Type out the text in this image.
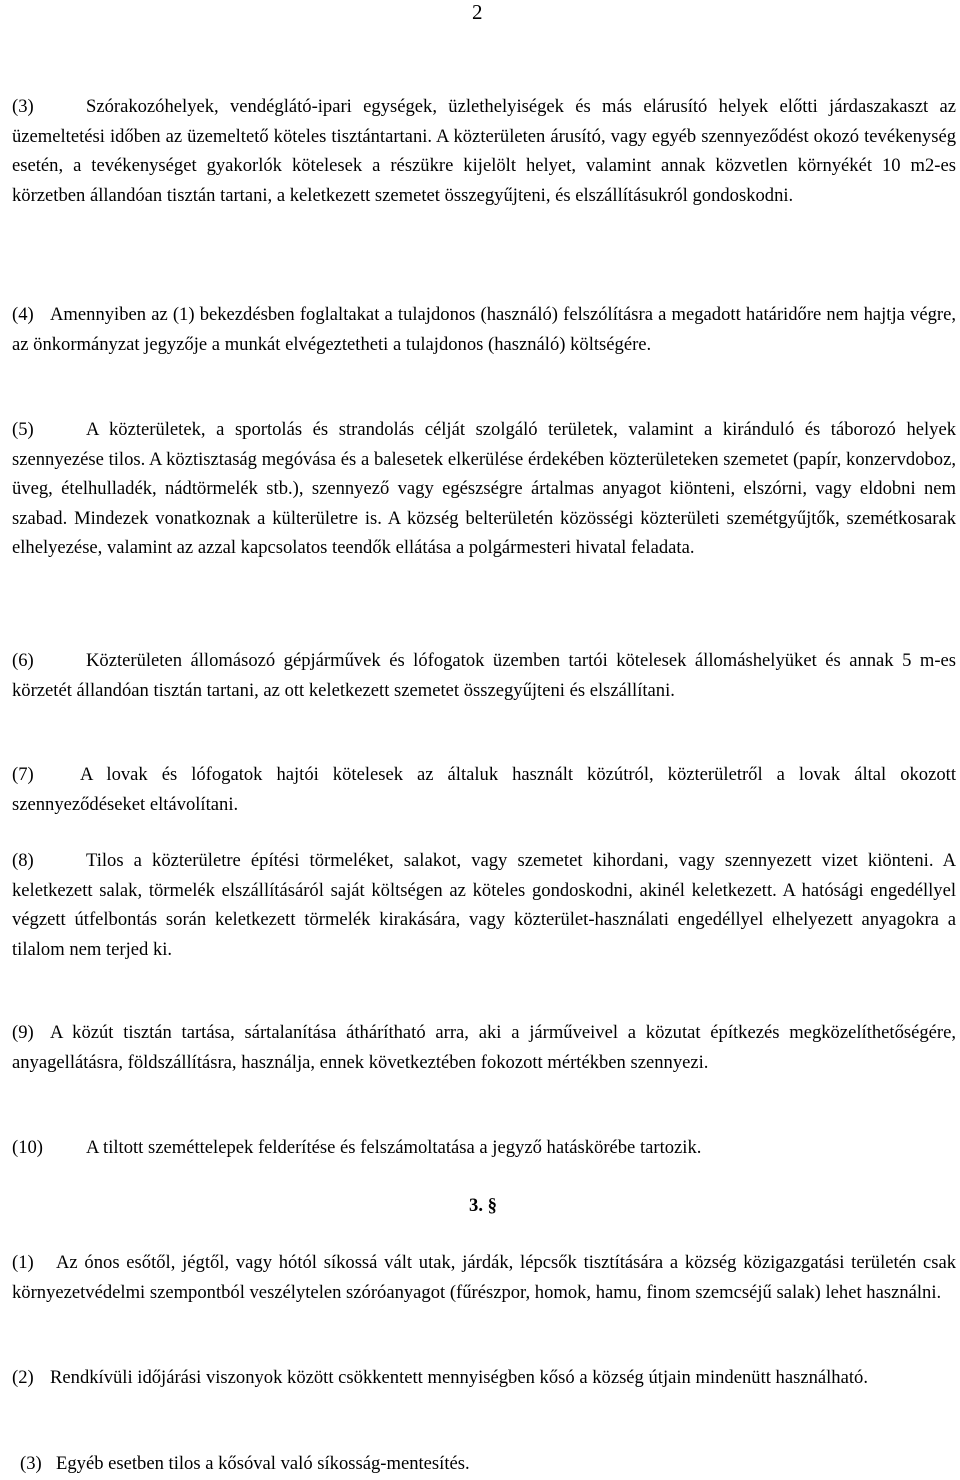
2

(3)	Szórakozóhelyek, vendéglátó-ipari egységek, üzlethelyiségek és más elárusító helyek előtti járdaszakaszt az üzemeltetési időben az üzemeltető köteles tisztántartani. A közterületen árusító, vagy egyéb szennyeződést okozó tevékenység esetén, a tevékenységet gyakorlók kötelesek a részükre kijelölt helyet, valamint annak közvetlen környékét 10 m2-es körzetben állandóan tisztán tartani, a keletkezett szemetet összegyűjteni, és elszállításukról gondoskodni.

(4) Amennyiben az (1) bekezdésben foglaltakat a tulajdonos (használó) felszólításra a megadott határidőre nem hajtja végre, az önkormányzat jegyzője a munkát elvégeztetheti a tulajdonos (használó) költségére.

(5)	A közterületek, a sportolás és strandolás célját szolgáló területek, valamint a kiránduló és táborozó helyek szennyezése tilos. A köztisztaság megóvása és a balesetek elkerülése érdekében közterületeken szemetet (papír, konzervdoboz, üveg, ételhulladék, nádtörmelék stb.), szennyező vagy egészségre ártalmas anyagot kiönteni, elszórni, vagy eldobni nem szabad. Mindezek vonatkoznak a külterületre is. A község belterületén közösségi közterületi szemétgyűjtők, szemétkosarak elhelyezése, valamint az azzal kapcsolatos teendők ellátása a polgármesteri hivatal feladata.

(6)	Közterületen állomásozó gépjárművek és lófogatok üzemben tartói kötelesek állomáshelyüket és annak 5 m-es körzetét állandóan tisztán tartani, az ott keletkezett szemetet összegyűjteni és elszállítani.

(7) A lovak és lófogatok hajtói kötelesek az általuk használt közútról, közterületről a lovak által okozott szennyeződéseket eltávolítani.

(8)	Tilos a közterületre építési törmeléket, salakot, vagy szemetet kihordani, vagy szennyezett vizet kiönteni. A keletkezett salak, törmelék elszállításáról saját költségen az köteles gondoskodni, akinél keletkezett. A hatósági engedéllyel végzett útfelbontás során keletkezett törmelék kirakására, vagy közterület-használati engedéllyel elhelyezett anyagokra a tilalom nem terjed ki.

(9) A közút tisztán tartása, sártalanítása áthárítható arra, aki a járműveivel a közutat építkezés megközelíthetőségére, anyagellátásra, földszállításra, használja, ennek következtében fokozott mértékben szennyezi.

(10) A tiltott szeméttelepek felderítése és felszámoltatása a jegyző hatáskörébe tartozik.

3. §

(1) Az ónos esőtől, jégtől, vagy hótól síkossá vált utak, járdák, lépcsők tisztítására a község közigazgatási területén csak környezetvédelmi szempontból veszélytelen szóróanyagot (fűrészpor, homok, hamu, finom szemcséjű salak) lehet használni.

(2) Rendkívüli időjárási viszonyok között csökkentett mennyiségben kősó a község útjain mindenütt használható.

(3) Egyéb esetben tilos a kősóval való síkosság-mentesítés.
